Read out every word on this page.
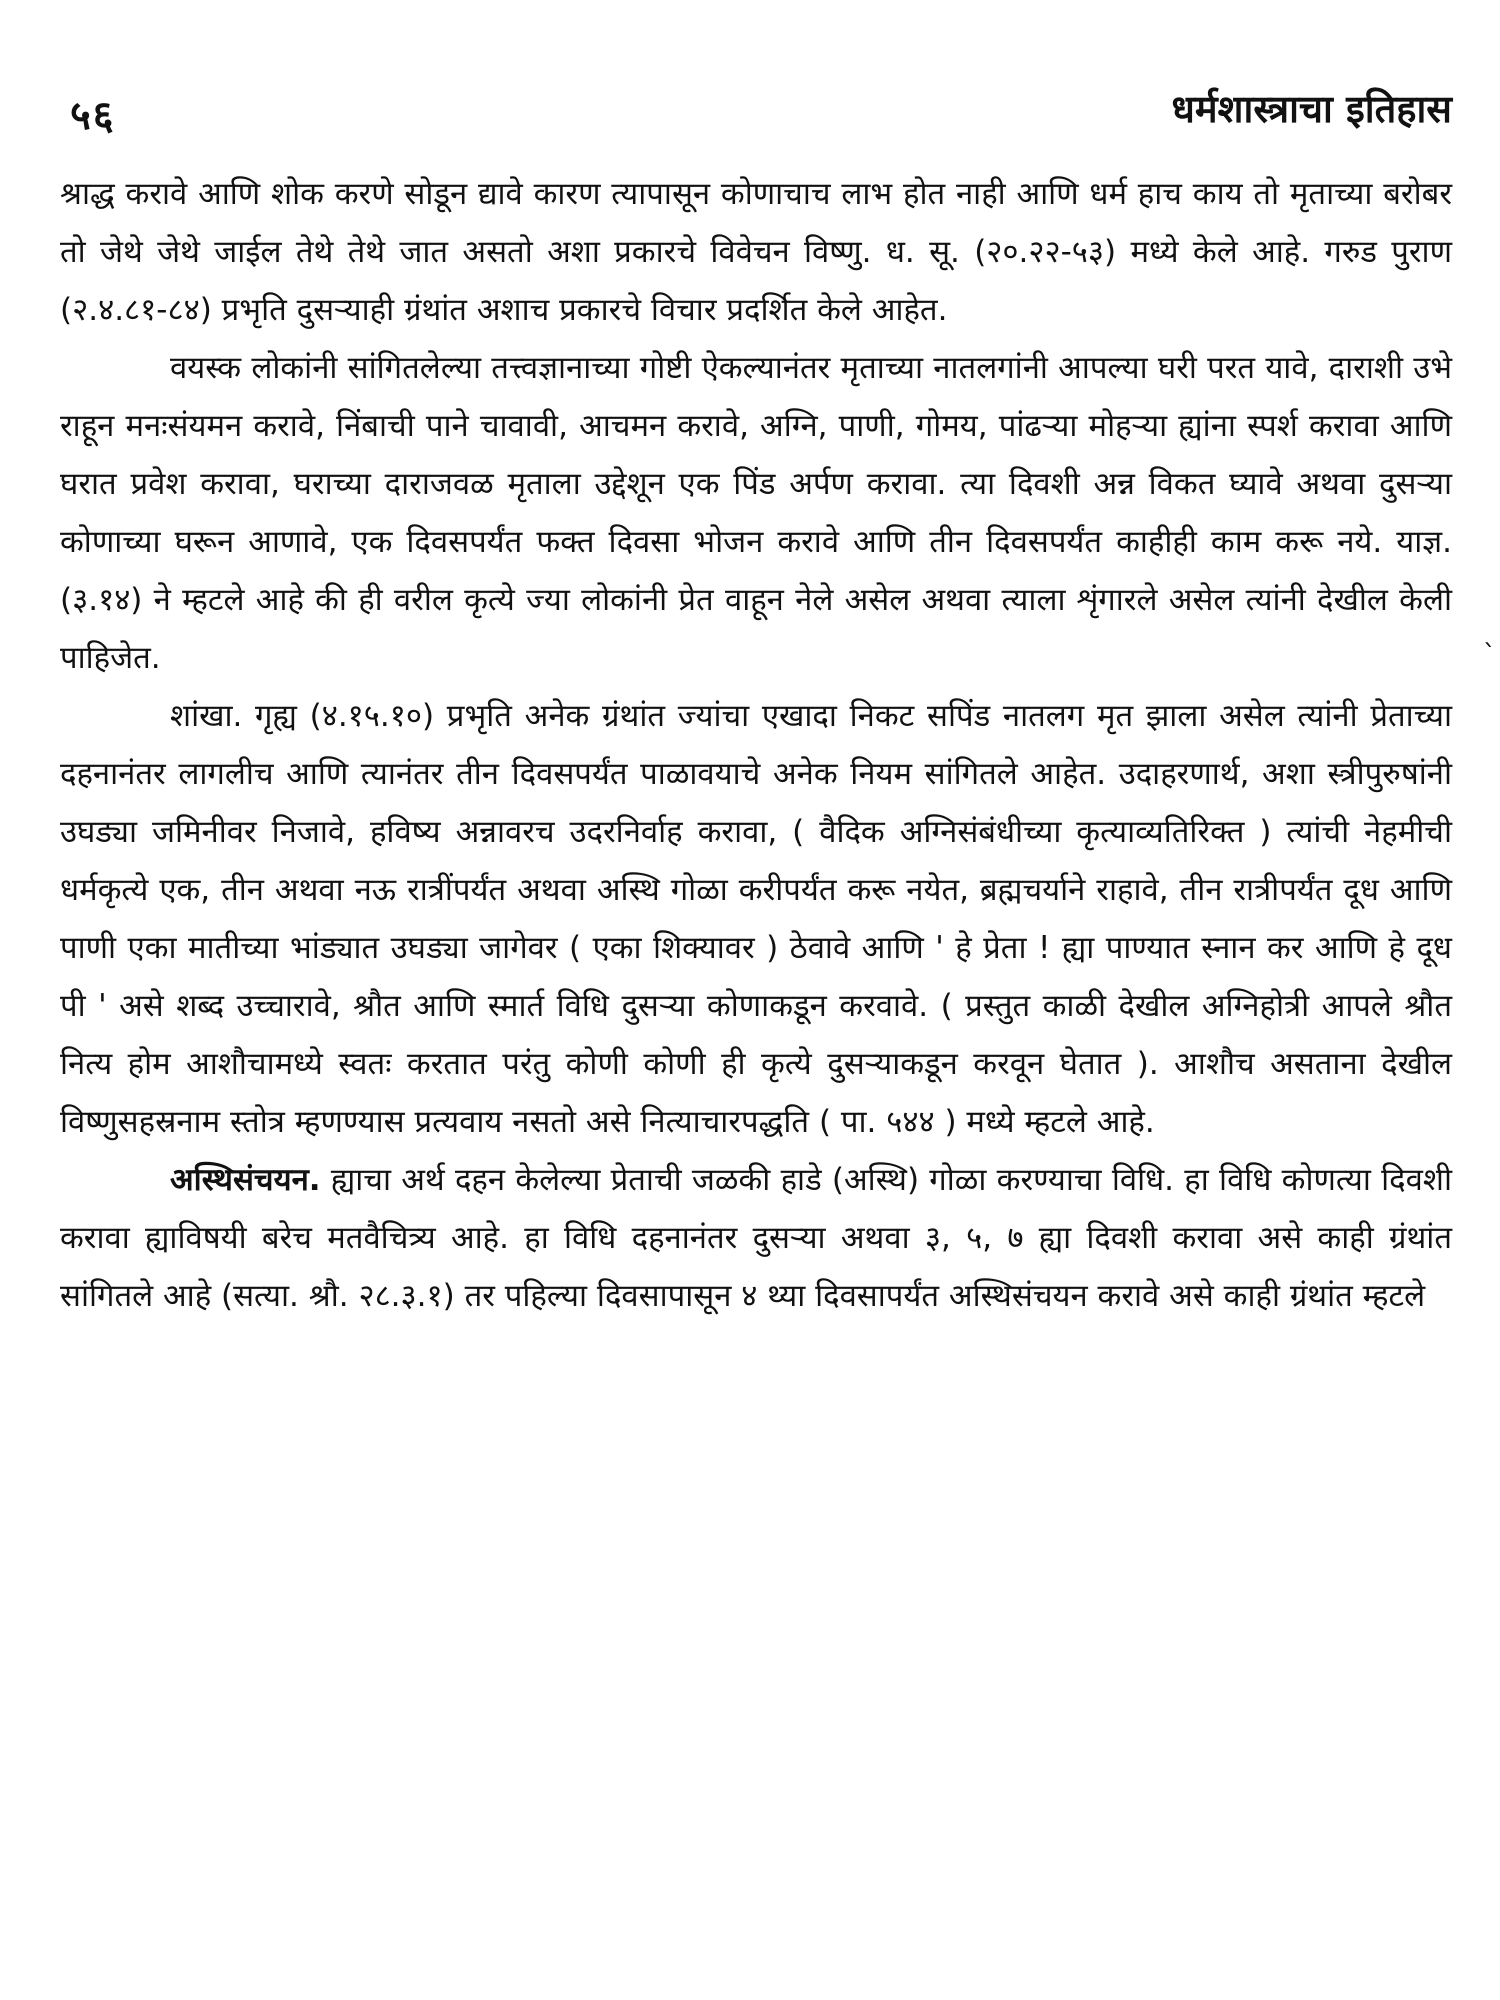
५६	धर्मशास्त्राचा इतिहास

श्राद्ध करावे आणि शोक करणे सोडून द्यावे कारण त्यापासून कोणाचाच लाभ होत नाही आणि धर्म हाच काय तो मृताच्या बरोबर तो जेथे जेथे जाईल तेथे तेथे जात असतो अशा प्रकारचे विवेचन विष्णु. ध. सू. (२०.२२-५३) मध्ये केले आहे. गरुड पुराण (२.४.८१-८४) प्रभृति दुसऱ्याही ग्रंथांत अशाच प्रकारचे विचार प्रदर्शित केले आहेत.

वयस्क लोकांनी सांगितलेल्या तत्त्वज्ञानाच्या गोष्टी ऐकल्यानंतर मृताच्या नातलगांनी आपल्या घरी परत यावे, दाराशी उभे राहून मनःसंयमन करावे, निंबाची पाने चावावी, आचमन करावे, अग्नि, पाणी, गोमय, पांढऱ्या मोहऱ्या ह्यांना स्पर्श करावा आणि घरात प्रवेश करावा, घराच्या दाराजवळ मृताला उद्देशून एक पिंड अर्पण करावा. त्या दिवशी अन्न विकत घ्यावे अथवा दुसऱ्या कोणाच्या घरून आणावे, एक दिवसपर्यंत फक्त दिवसा भोजन करावे आणि तीन दिवसपर्यंत काहीही काम करू नये. याज्ञ. (३.१४) ने म्हटले आहे की ही वरील कृत्ये ज्या लोकांनी प्रेत वाहून नेले असेल अथवा त्याला शृंगारले असेल त्यांनी देखील केली पाहिजेत.

शांखा. गृह्य (४.१५.१०) प्रभृति अनेक ग्रंथांत ज्यांचा एखादा निकट सपिंड नातलग मृत झाला असेल त्यांनी प्रेताच्या दहनानंतर लागलीच आणि त्यानंतर तीन दिवसपर्यंत पाळावयाचे अनेक नियम सांगितले आहेत. उदाहरणार्थ, अशा स्त्रीपुरुषांनी उघड्या जमिनीवर निजावे, हविष्य अन्नावरच उदरनिर्वाह करावा, ( वैदिक अग्निसंबंधीच्या कृत्याव्यतिरिक्त ) त्यांची नेहमीची धर्मकृत्ये एक, तीन अथवा नऊ रात्रींपर्यंत अथवा अस्थि गोळा करीपर्यंत करू नयेत, ब्रह्मचर्याने राहावे, तीन रात्रीपर्यंत दूध आणि पाणी एका मातीच्या भांड्यात उघड्या जागेवर ( एका शिक्यावर ) ठेवावे आणि ' हे प्रेता ! ह्या पाण्यात स्नान कर आणि हे दूध पी ' असे शब्द उच्चारावे, श्रौत आणि स्मार्त विधि दुसऱ्या कोणाकडून करवावे. ( प्रस्तुत काळी देखील अग्निहोत्री आपले श्रौत नित्य होम आशौचामध्ये स्वतः करतात परंतु कोणी कोणी ही कृत्ये दुसऱ्याकडून करवून घेतात ). आशौच असताना देखील विष्णुसहस्रनाम स्तोत्र म्हणण्यास प्रत्यवाय नसतो असे नित्याचारपद्धति ( पा. ५४४ ) मध्ये म्हटले आहे.

अस्थिसंचयन. ह्याचा अर्थ दहन केलेल्या प्रेताची जळकी हाडे (अस्थि) गोळा करण्याचा विधि. हा विधि कोणत्या दिवशी करावा ह्याविषयी बरेच मतवैचित्र्य आहे. हा विधि दहनानंतर दुसऱ्या अथवा ३, ५, ७ ह्या दिवशी करावा असे काही ग्रंथांत सांगितले आहे (सत्या. श्रौ. २८.३.१) तर पहिल्या दिवसापासून ४ थ्या दिवसापर्यंत अस्थिसंचयन करावे असे काही ग्रंथांत म्हटले

ˎ
